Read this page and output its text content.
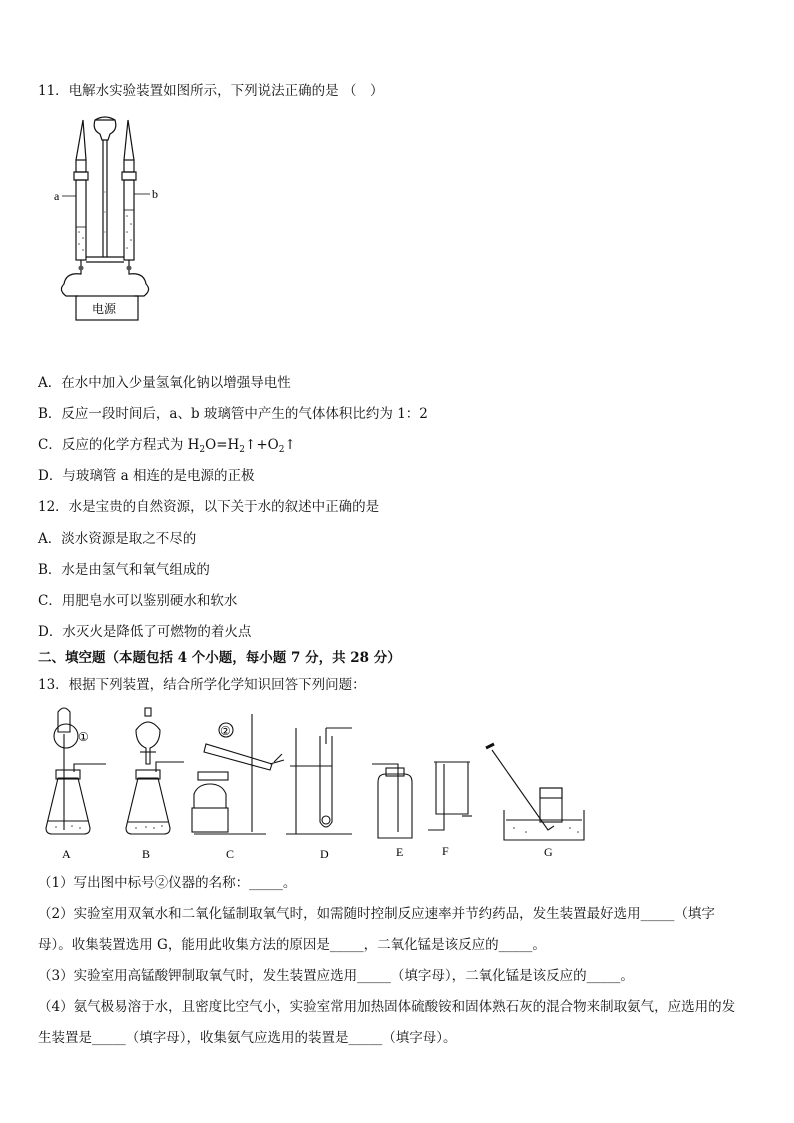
11．电解水实验装置如图所示，下列说法正确的是 （　）
a	b
电源
A．在水中加入少量氢氧化钠以增强导电性
B．反应一段时间后，a、b 玻璃管中产生的气体体积比约为 1：2
C．反应的化学方程式为 $H_2O=H_2↑+O_2↑$
D．与玻璃管 a 相连的是电源的正极
12．水是宝贵的自然资源，以下关于水的叙述中正确的是
A．淡水资源是取之不尽的
B．水是由氢气和氧气组成的
C．用肥皂水可以鉴别硬水和软水
D．水灭火是降低了可燃物的着火点
二、填空题（本题包括 4 个小题，每小题 7 分，共 28 分）
13．根据下列装置，结合所学化学知识回答下列问题：
①	②
A	B	C	D	E	F	G
（1）写出图中标号②仪器的名称：_____。
（2）实验室用双氧水和二氧化锰制取氧气时，如需随时控制反应速率并节约药品，发生装置最好选用_____（填字
母）。收集装置选用 G，能用此收集方法的原因是_____，二氧化锰是该反应的_____。
（3）实验室用高锰酸钾制取氧气时，发生装置应选用_____（填字母），二氧化锰是该反应的_____。
（4）氨气极易溶于水，且密度比空气小，实验室常用加热固体硫酸铵和固体熟石灰的混合物来制取氨气，应选用的发
生装置是_____（填字母），收集氨气应选用的装置是_____（填字母）。
